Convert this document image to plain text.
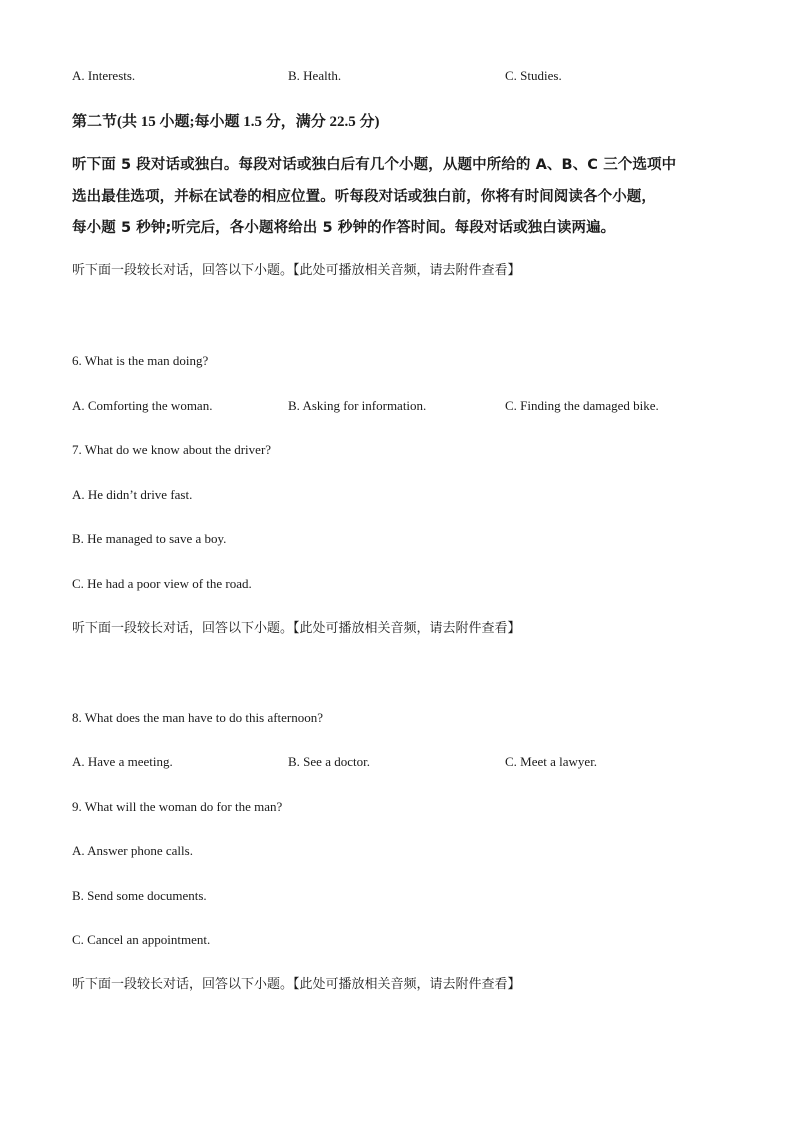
A. Interests.	B. Health.	C. Studies.
第二节(共 15 小题;每小题 1.5 分，满分 22.5 分)
听下面 5 段对话或独白。每段对话或独白后有几个小题，从题中所给的 A、B、C 三个选项中
选出最佳选项，并标在试卷的相应位置。听每段对话或独白前，你将有时间阅读各个小题，
每小题 5 秒钟;听完后，各小题将给出 5 秒钟的作答时间。每段对话或独白读两遍。
听下面一段较长对话，回答以下小题。【此处可播放相关音频，请去附件查看】
6. What is the man doing?
A. Comforting the woman.	B. Asking for information.	C. Finding the damaged bike.
7. What do we know about the driver?
A. He didn’t drive fast.
B. He managed to save a boy.
C. He had a poor view of the road.
听下面一段较长对话，回答以下小题。【此处可播放相关音频，请去附件查看】
8. What does the man have to do this afternoon?
A. Have a meeting.	B. See a doctor.	C. Meet a lawyer.
9. What will the woman do for the man?
A. Answer phone calls.
B. Send some documents.
C. Cancel an appointment.
听下面一段较长对话，回答以下小题。【此处可播放相关音频，请去附件查看】
